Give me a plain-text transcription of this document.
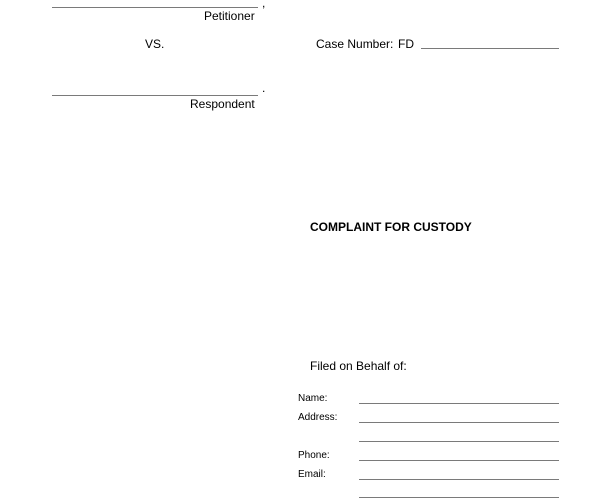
,
Petitioner
VS.	Case Number: FD
.
Respondent
COMPLAINT FOR CUSTODY
Filed on Behalf of:
Name:
Address:
Phone:
Email:
